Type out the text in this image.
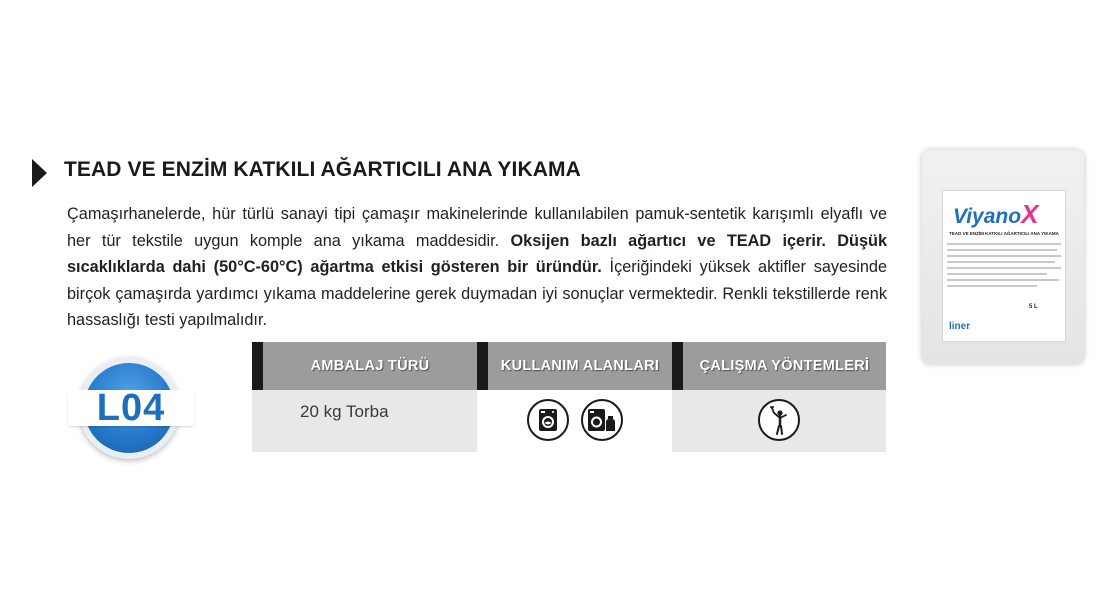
TEAD VE ENZİM KATKILI AĞARTICILI ANA YIKAMA
Çamaşırhanelerde, hür türlü sanayi tipi çamaşır makinelerinde kullanılabilen pamuk-sentetik karışımlı elyaflı ve her tür tekstile uygun komple ana yıkama maddesidir. Oksijen bazlı ağartıcı ve TEAD içerir. Düşük sıcaklıklarda dahi (50°C-60°C) ağartma etkisi gösteren bir üründür. İçeriğindeki yüksek aktifler sayesinde birçok çamaşırda yardımcı yıkama maddelerine gerek duymadan iyi sonuçlar vermektedir. Renkli tekstillerde renk hassaslığı testi yapılmalıdır.
L04
AMBALAJ TÜRÜ	KULLANIM ALANLARI	ÇALIŞMA YÖNTEMLERİ
20 kg Torba
ViyanoX
TEAD VE ENZİM KATKILI AĞARTICILI ANA YIKAMA
5 L
liner
